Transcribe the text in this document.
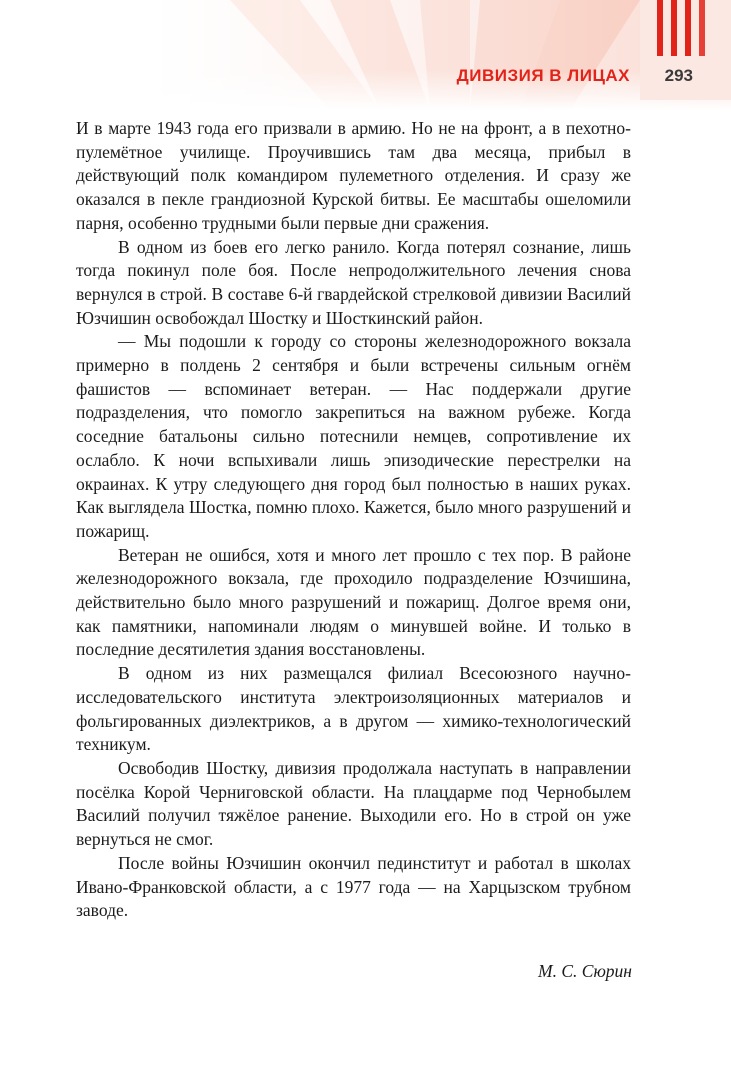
ДИВИЗИЯ В ЛИЦАХ 293

И в марте 1943 года его призвали в армию. Но не на фронт, а в пехотно-пулемётное училище. Проучившись там два месяца, прибыл в действующий полк командиром пулеметного отделения. И сразу же оказался в пекле грандиозной Курской битвы. Ее масштабы ошеломили парня, особенно трудными были первые дни сражения.

В одном из боев его легко ранило. Когда потерял сознание, лишь тогда покинул поле боя. После непродолжительного лечения снова вернулся в строй. В составе 6-й гвардейской стрелковой дивизии Василий Юзчишин освобождал Шостку и Шосткинский район.

— Мы подошли к городу со стороны железнодорожного вокзала примерно в полдень 2 сентября и были встречены сильным огнём фашистов — вспоминает ветеран. — Нас поддержали другие подразделения, что помогло закрепиться на важном рубеже. Когда соседние батальоны сильно потеснили немцев, сопротивление их ослабло. К ночи вспыхивали лишь эпизодические перестрелки на окраинах. К утру следующего дня город был полностью в наших руках. Как выглядела Шостка, помню плохо. Кажется, было много разрушений и пожарищ.

Ветеран не ошибся, хотя и много лет прошло с тех пор. В районе железнодорожного вокзала, где проходило подразделение Юзчишина, действительно было много разрушений и пожарищ. Долгое время они, как памятники, напоминали людям о минувшей войне. И только в последние десятилетия здания восстановлены.

В одном из них размещался филиал Всесоюзного научно-исследовательского института электроизоляционных материалов и фольгированных диэлектриков, а в другом — химико-технологический техникум.

Освободив Шостку, дивизия продолжала наступать в направлении посёлка Корой Черниговской области. На плацдарме под Чернобылем Василий получил тяжёлое ранение. Выходили его. Но в строй он уже вернуться не смог.

После войны Юзчишин окончил пединститут и работал в школах Ивано-Франковской области, а с 1977 года — на Харцызском трубном заводе.

М. С. Сюрин
